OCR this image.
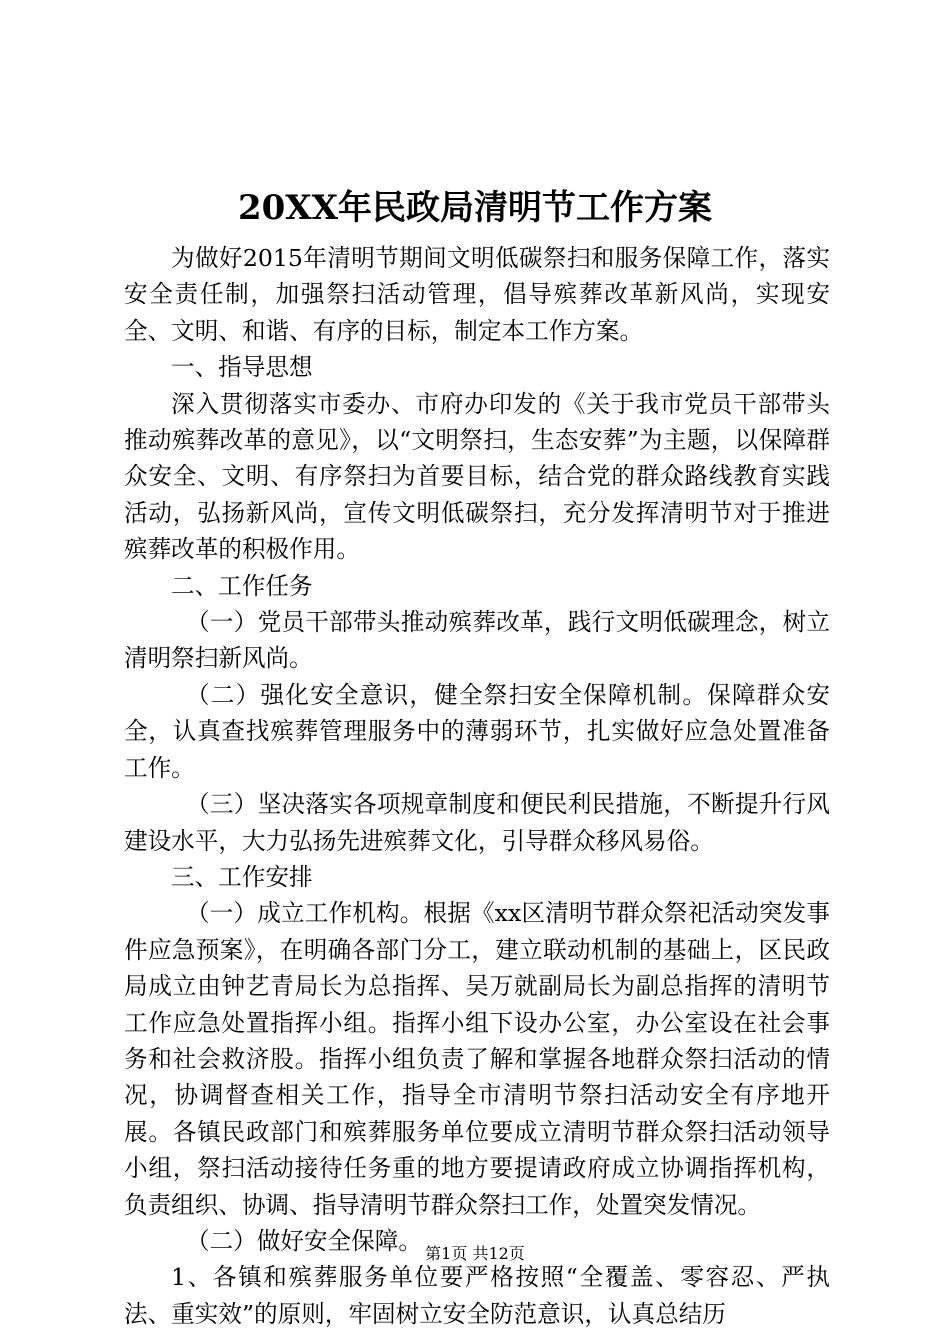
20XX年民政局清明节工作方案

为做好2015年清明节期间文明低碳祭扫和服务保障工作，落实安全责任制，加强祭扫活动管理，倡导殡葬改革新风尚，实现安全、文明、和谐、有序的目标，制定本工作方案。

一、指导思想

深入贯彻落实市委办、市府办印发的《关于我市党员干部带头推动殡葬改革的意见》，以“文明祭扫，生态安葬”为主题，以保障群众安全、文明、有序祭扫为首要目标，结合党的群众路线教育实践活动，弘扬新风尚，宣传文明低碳祭扫，充分发挥清明节对于推进殡葬改革的积极作用。

二、工作任务

（一）党员干部带头推动殡葬改革，践行文明低碳理念，树立清明祭扫新风尚。

（二）强化安全意识，健全祭扫安全保障机制。保障群众安全，认真查找殡葬管理服务中的薄弱环节，扎实做好应急处置准备工作。

（三）坚决落实各项规章制度和便民利民措施，不断提升行风建设水平，大力弘扬先进殡葬文化，引导群众移风易俗。

三、工作安排

（一）成立工作机构。根据《xx区清明节群众祭祀活动突发事件应急预案》，在明确各部门分工，建立联动机制的基础上，区民政局成立由钟艺青局长为总指挥、吴万就副局长为副总指挥的清明节工作应急处置指挥小组。指挥小组下设办公室，办公室设在社会事务和社会救济股。指挥小组负责了解和掌握各地群众祭扫活动的情况，协调督查相关工作，指导全市清明节祭扫活动安全有序地开展。各镇民政部门和殡葬服务单位要成立清明节群众祭扫活动领导小组，祭扫活动接待任务重的地方要提请政府成立协调指挥机构，负责组织、协调、指导清明节群众祭扫工作，处置突发情况。

（二）做好安全保障。

1、各镇和殡葬服务单位要严格按照“全覆盖、零容忍、严执法、重实效”的原则，牢固树立安全防范意识，认真总结历

第1页 共12页
